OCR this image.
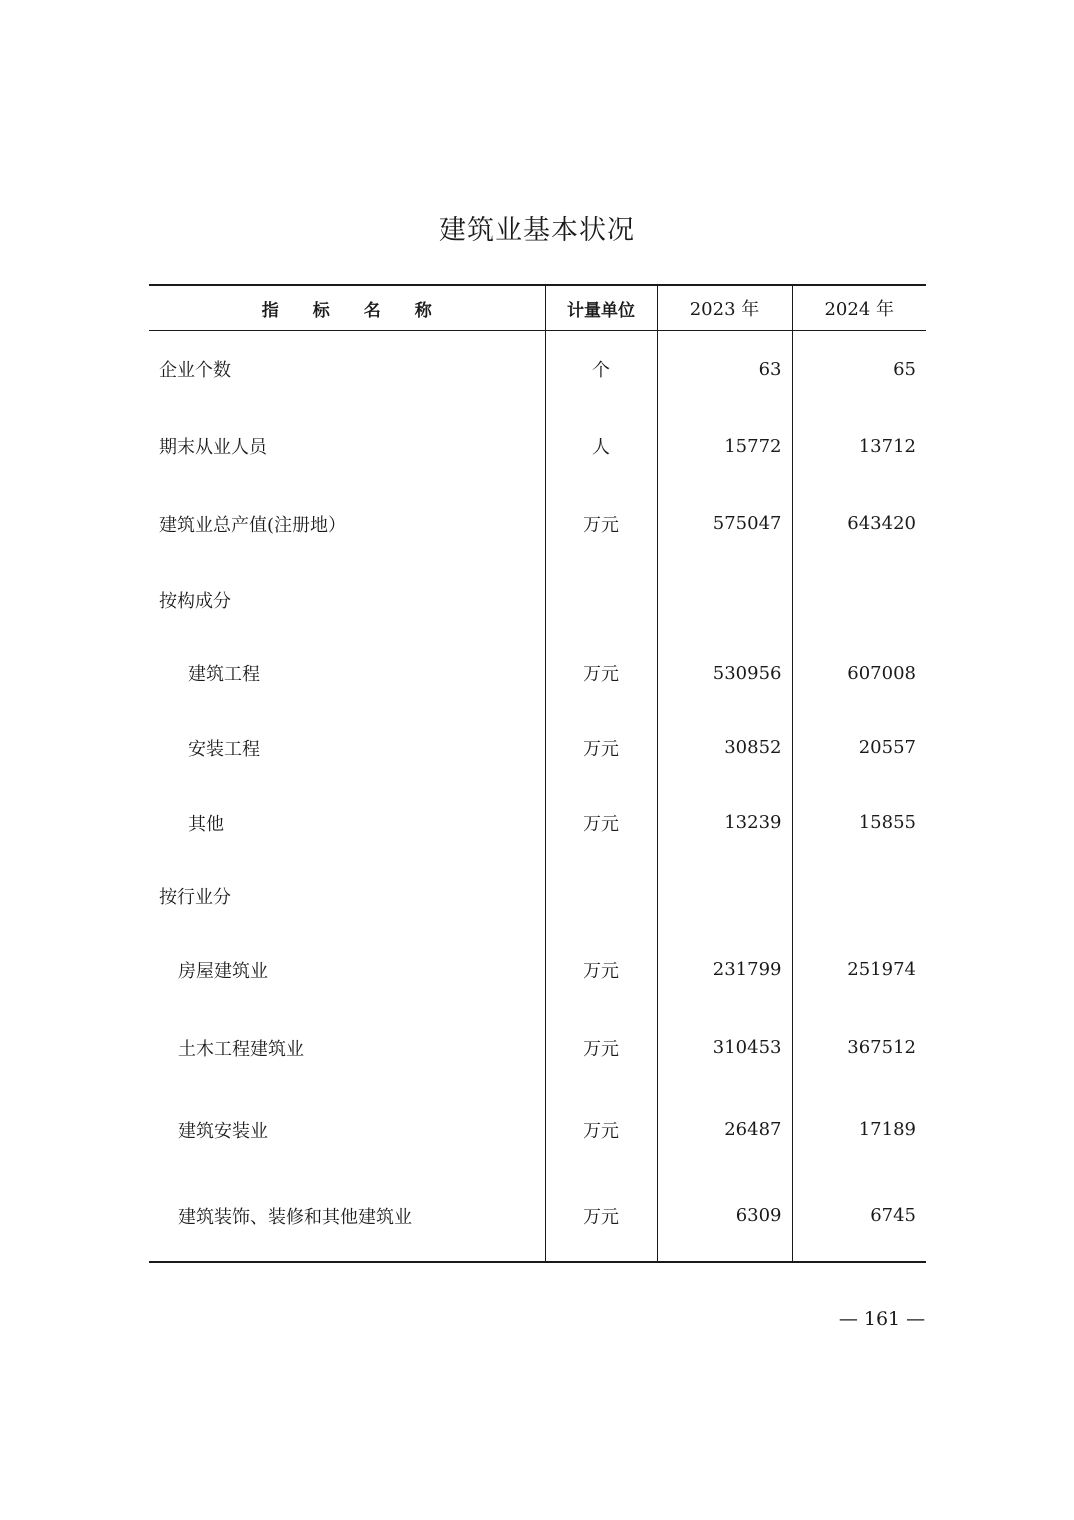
建筑业基本状况
指　　标　　名　　称	计量单位	2023 年	2024 年
企业个数	个	63	65
期末从业人员	人	15772	13712
建筑业总产值(注册地）	万元	575047	643420
按构成分			
建筑工程	万元	530956	607008
安装工程	万元	30852	20557
其他	万元	13239	15855
按行业分			
房屋建筑业	万元	231799	251974
土木工程建筑业	万元	310453	367512
建筑安装业	万元	26487	17189
建筑装饰、装修和其他建筑业	万元	6309	6745

— 161 —
